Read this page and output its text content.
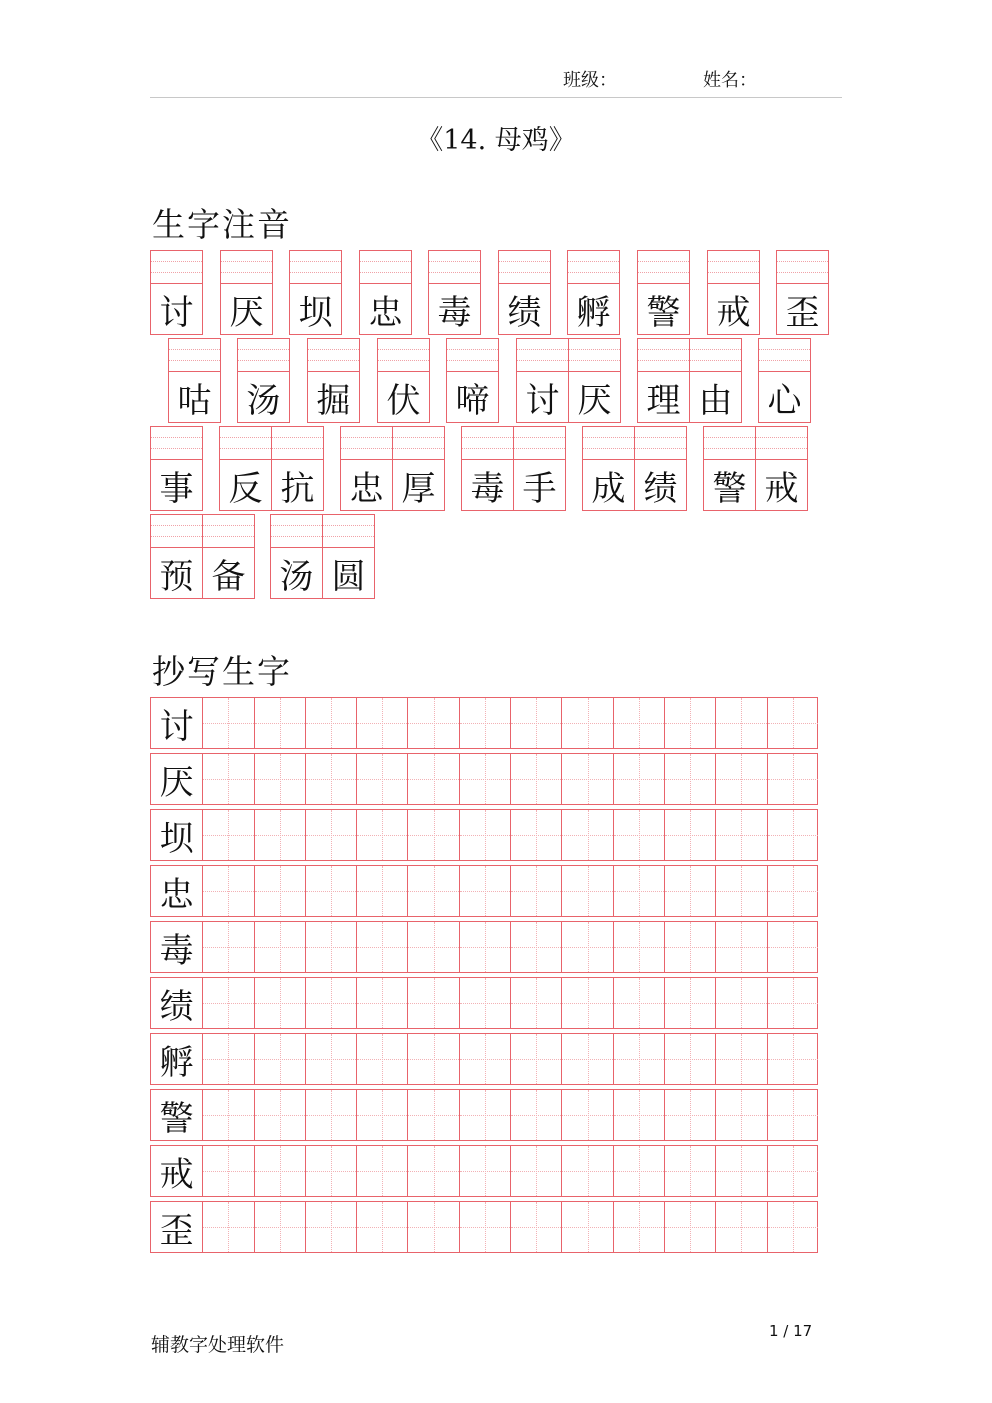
班级：	姓名：
《14. 母鸡》
生字注音
讨 厌 坝 忠 毒 绩 孵 警 戒 歪
咕 汤 掘 伏 啼 讨 厌 理 由 心
事 反 抗 忠 厚 毒 手 成 绩 警 戒
预 备 汤 圆
抄写生字
讨
厌
坝
忠
毒
绩
孵
警
戒
歪
辅教字处理软件
1 / 17
